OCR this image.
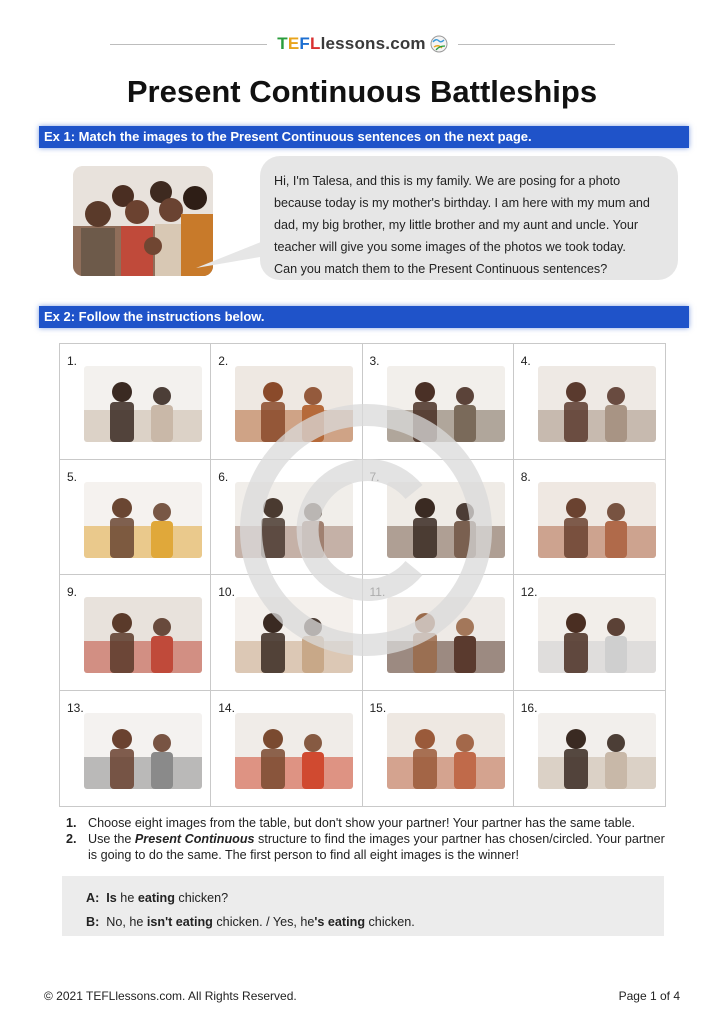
T E F L lessons.com
Present Continuous Battleships
Ex 1: Match the images to the Present Continuous sentences on the next page.
Hi, I'm Talesa, and this is my family. We are posing for a photo
because today is my mother's birthday. I am here with my mum and
dad, my big brother, my little brother and my aunt and uncle. Your
teacher will give you some images of the photos we took today.
Can you match them to the Present Continuous sentences?
Ex 2: Follow the instructions below.
1.	2.	3.	4.
5.	6.	7.	8.
9.	10.	11.	12.
13.	14.	15.	16.
1. Choose eight images from the table, but don't show your partner! Your partner has the same table.
2. Use the Present Continuous structure to find the images your partner has chosen/circled. Your partner is going to do the same. The first person to find all eight images is the winner!
A: Is he eating chicken?
B: No, he isn't eating chicken. / Yes, he's eating chicken.
© 2021 TEFLlessons.com. All Rights Reserved.	Page 1 of 4
